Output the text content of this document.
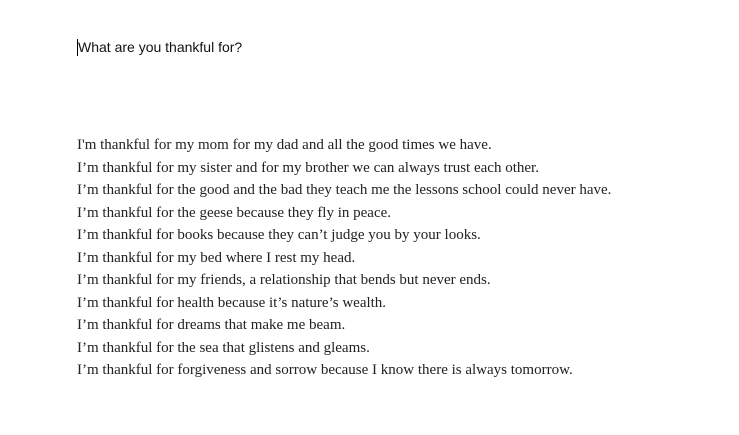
What are you thankful for?
I'm thankful for my mom for my dad and all the good times we have.
I’m thankful for my sister and for my brother we can always trust each other.
I’m thankful for the good and the bad they teach me the lessons school could never have.
I’m thankful for the geese because they fly in peace.
I’m thankful for books because they can’t judge you by your looks.
I’m thankful for my bed where I rest my head.
I’m thankful for my friends, a relationship that bends but never ends.
I’m thankful for health because it’s nature’s wealth.
I’m thankful for dreams that make me beam.
I’m thankful for the sea that glistens and gleams.
I’m thankful for forgiveness and sorrow because I know there is always tomorrow.
